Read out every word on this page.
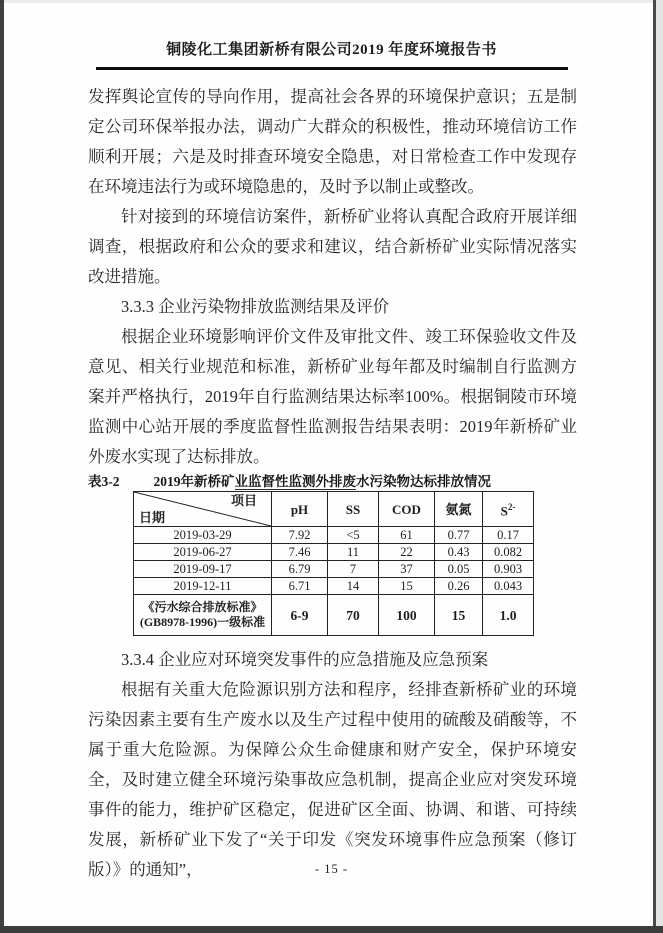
铜陵化工集团新桥有限公司2019 年度环境报告书

发挥舆论宣传的导向作用，提高社会各界的环境保护意识；五是制定公司环保举报办法，调动广大群众的积极性，推动环境信访工作顺利开展；六是及时排查环境安全隐患，对日常检查工作中发现存在环境违法行为或环境隐患的，及时予以制止或整改。

针对接到的环境信访案件，新桥矿业将认真配合政府开展详细调查，根据政府和公众的要求和建议，结合新桥矿业实际情况落实改进措施。

3.3.3 企业污染物排放监测结果及评价

根据企业环境影响评价文件及审批文件、竣工环保验收文件及意见、相关行业规范和标准，新桥矿业每年都及时编制自行监测方案并严格执行，2019年自行监测结果达标率100%。根据铜陵市环境监测中心站开展的季度监督性监测报告结果表明：2019年新桥矿业外废水实现了达标排放。

表3-2	2019年新桥矿业监督性监测外排废水污染物达标排放情况

项目
日期	pH	SS	COD	氨氮	$S^{2-}$
2019-03-29	7.92	<5	61	0.77	0.17
2019-06-27	7.46	11	22	0.43	0.082
2019-09-17	6.79	7	37	0.05	0.903
2019-12-11	6.71	14	15	0.26	0.043

《污水综合排放标准》
(GB8978-1996)一级标准	6-9	70	100	15	1.0

3.3.4 企业应对环境突发事件的应急措施及应急预案

根据有关重大危险源识别方法和程序，经排查新桥矿业的环境污染因素主要有生产废水以及生产过程中使用的硫酸及硝酸等，不属于重大危险源。为保障公众生命健康和财产安全，保护环境安全，及时建立健全环境污染事故应急机制，提高企业应对突发环境事件的能力，维护矿区稳定，促进矿区全面、协调、和谐、可持续发展，新桥矿业下发了“关于印发《突发环境事件应急预案（修订版）》的通知”，	- 15 -
